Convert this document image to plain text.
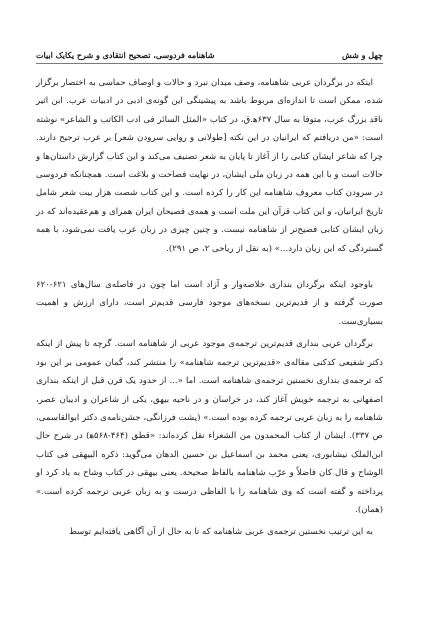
شاهنامه فردوسی، تصحیح انتقادی و شرح یکایک ابیات	چهل و شش

اینکه در برگردان عربی شاهنامه، وصف میدان نبرد و حالات و اوصاف حماسی به اختصار برگزار شده، ممکن است تا اندازه‌ای مربوط باشد به پیشینگی این گونه‌ی ادبی در ادبیات عرب. ابن اثیر ناقد بزرگ عرب، متوفا به سال ۶۳۷ه‍.ق، در کتاب «المثل السائر فی ادب الکاتب و الشاعر» نوشته است: «من دریافتم که ایرانیان در این نکته [طولانی و روایی سرودن شعر] بر عرب ترجیح دارند. چرا که شاعر ایشان کتابی را از آغاز تا پایان به شعر تصنیف می‌کند و این کتاب گزارش داستان‌ها و حالات است و با این همه در زبان ملی ایشان، در نهایت فصاحت و بلاغت است. همچنانکه فردوسی در سرودن کتاب معروف شاهنامه این کار را کرده است. و این کتاب شصت هزار بیت شعر شامل تاریخ ایرانیان، و این کتاب قرآن این ملت است و همه‌ی فصیحان ایران همرای و هم‌عقیده‌اند که در زبان ایشان کتابی فصیح‌تر از شاهنامه نیست. و چنین چیزی در زبان عرب یافت نمی‌شود، با همه گستردگی که این زبان دارد...» (به نقل از ریاحی ۲، ص ۲۹۱).

باوجود اینکه برگردان بنداری خلاصه‌وار و آزاد است اما چون در فاصله‌ی سال‌های ۶۲۱-۶۲۰ صورت گرفته و از قدیم‌ترین نسخه‌های موجود فارسی قدیم‌تر است، دارای ارزش و اهمیت بسیاری‌ست.

برگردان عربی بنداری قدیم‌ترین ترجمه‌ی موجود عربی از شاهنامه است. گرچه تا پیش از اینکه دکتر شفیعی کدکنی مقاله‌ی «قدیم‌ترین ترجمه شاهنامه» را منتشر کند، گمان عمومی بر این بود که ترجمه‌ی بنداری نخستین ترجمه‌ی شاهنامه است. اما «... از حدود یک قرن قبل از اینکه بنداری اصفهانی به ترجمه خویش آغاز کند، در خراسان و در ناحیه بیهق، یکی از شاعران و ادیبان عصر، شاهنامه را به زبان عربی ترجمه کرده بوده است.» (پشت فرزانگی، جشن‌نامه‌ی دکتر ابوالقاسمی، ص ۳۳۷). ایشان از کتاب المحمدون من الشعراء نقل کرده‌اند: «قطق (۴۶۴-۵۶۸ه‍) در شرح حال ابن‌الملک نیشابوری، یعنی محمد بن اسماعیل بن حسین الدهان می‌گوید: ذکره البیهقی فی کتاب الوشاح و قال کان فاضلاً و عرّب شاهنامه بالفاظ صحیحة. یعنی بیهقی در کتاب وشاح به یاد کرد او پرداخته و گفته است که وی شاهنامه را با الفاظی درست و به زبان عربی ترجمه کرده است.» (همان).

به این ترتیب نخستین ترجمه‌ی عربی شاهنامه که تا به حال از آن آگاهی یافته‌ایم توسط
